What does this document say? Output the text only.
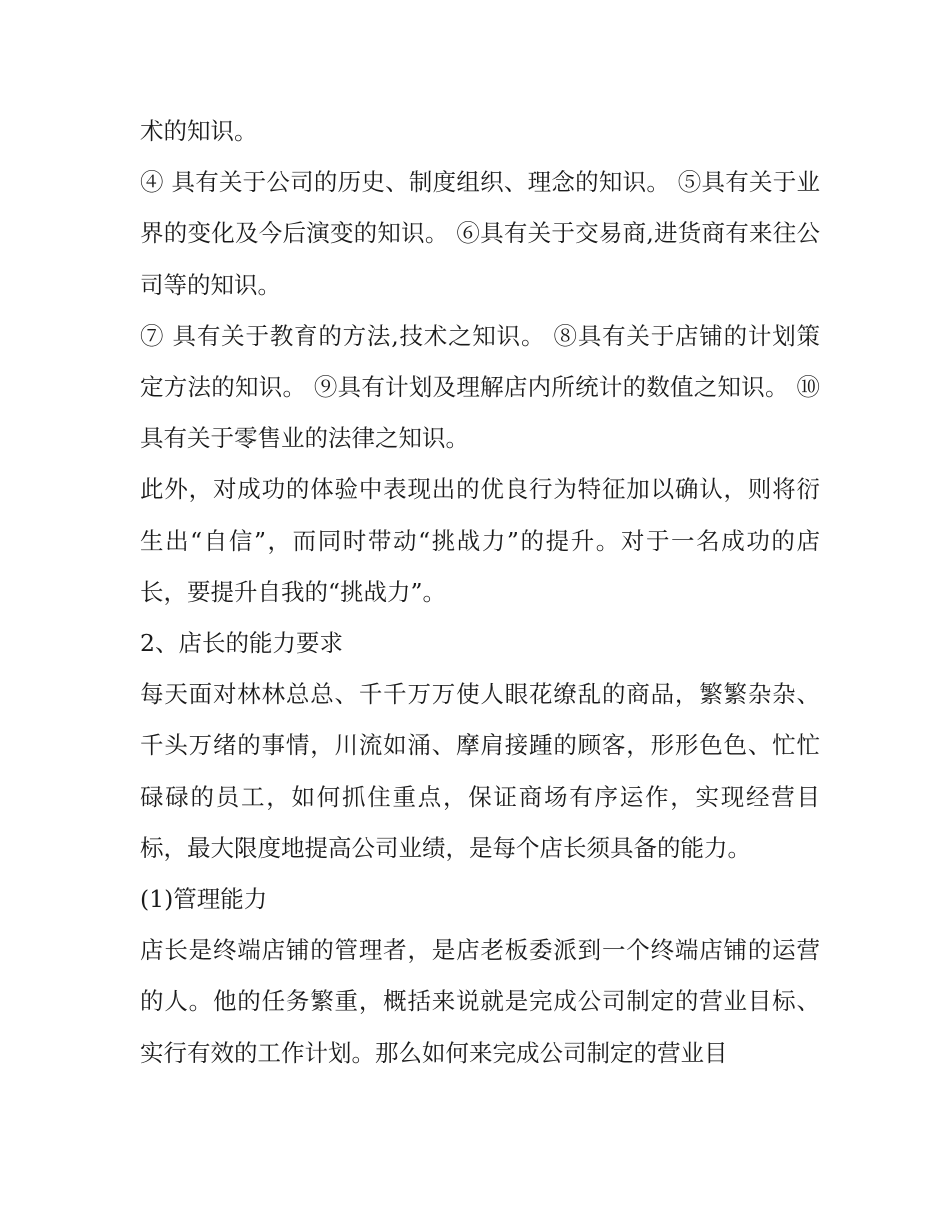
术的知识。

④ 具有关于公司的历史、制度组织、理念的知识。 ⑤具有关于业界的变化及今后演变的知识。 ⑥具有关于交易商,进货商有来往公司等的知识。

⑦ 具有关于教育的方法,技术之知识。 ⑧具有关于店铺的计划策定方法的知识。 ⑨具有计划及理解店内所统计的数值之知识。 ⑩具有关于零售业的法律之知识。

此外，对成功的体验中表现出的优良行为特征加以确认，则将衍生出“自信”，而同时带动“挑战力”的提升。对于一名成功的店长，要提升自我的“挑战力”。

2、店长的能力要求

每天面对林林总总、千千万万使人眼花缭乱的商品，繁繁杂杂、千头万绪的事情，川流如涌、摩肩接踵的顾客，形形色色、忙忙碌碌的员工，如何抓住重点，保证商场有序运作，实现经营目标，最大限度地提高公司业绩，是每个店长须具备的能力。

(1)管理能力

店长是终端店铺的管理者，是店老板委派到一个终端店铺的运营的人。他的任务繁重，概括来说就是完成公司制定的营业目标、实行有效的工作计划。那么如何来完成公司制定的营业目
